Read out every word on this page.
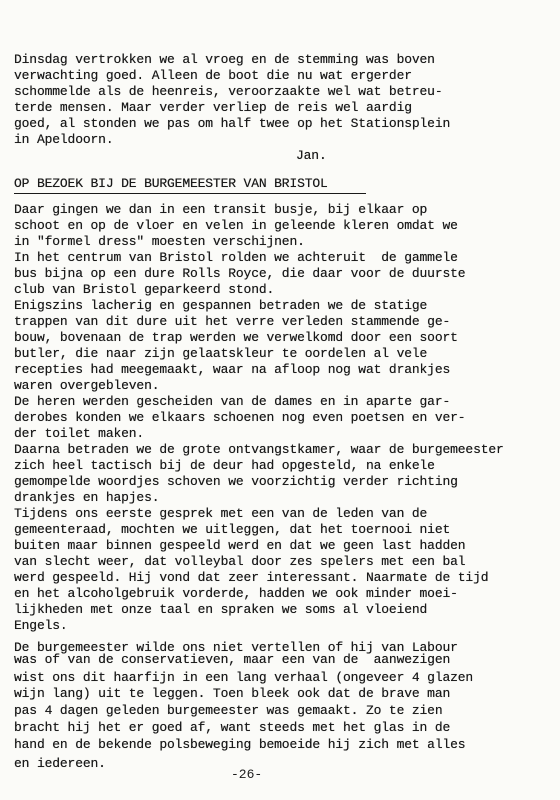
Dinsdag vertrokken we al vroeg en de stemming was boven
verwachting goed. Alleen de boot die nu wat ergerder
schommelde als de heenreis, veroorzaakte wel wat betreu-
terde mensen. Maar verder verliep de reis wel aardig
goed, al stonden we pas om half twee op het Stationsplein
in Apeldoorn.
Jan.
OP BEZOEK BIJ DE BURGEMEESTER VAN BRISTOL
Daar gingen we dan in een transit busje, bij elkaar op
schoot en op de vloer en velen in geleende kleren omdat we
in "formel dress" moesten verschijnen.
In het centrum van Bristol rolden we achteruit  de gammele
bus bijna op een dure Rolls Royce, die daar voor de duurste
club van Bristol geparkeerd stond.
Enigszins lacherig en gespannen betraden we de statige
trappen van dit dure uit het verre verleden stammende ge-
bouw, bovenaan de trap werden we verwelkomd door een soort
butler, die naar zijn gelaatskleur te oordelen al vele
recepties had meegemaakt, waar na afloop nog wat drankjes
waren overgebleven.
De heren werden gescheiden van de dames en in aparte gar-
derobes konden we elkaars schoenen nog even poetsen en ver-
der toilet maken.
Daarna betraden we de grote ontvangstkamer, waar de burgemeester
zich heel tactisch bij de deur had opgesteld, na enkele
gemompelde woordjes schoven we voorzichtig verder richting
drankjes en hapjes.
Tijdens ons eerste gesprek met een van de leden van de
gemeenteraad, mochten we uitleggen, dat het toernooi niet
buiten maar binnen gespeeld werd en dat we geen last hadden
van slecht weer, dat volleybal door zes spelers met een bal
werd gespeeld. Hij vond dat zeer interessant. Naarmate de tijd
en het alcoholgebruik vorderde, hadden we ook minder moei-
lijkheden met onze taal en spraken we soms al vloeiend
Engels.
De burgemeester wilde ons niet vertellen of hij van Labour
was of van de conservatieven, maar een van de  aanwezigen
wist ons dit haarfijn in een lang verhaal (ongeveer 4 glazen
wijn lang) uit te leggen. Toen bleek ook dat de brave man
pas 4 dagen geleden burgemeester was gemaakt. Zo te zien
bracht hij het er goed af, want steeds met het glas in de
hand en de bekende polsbeweging bemoeide hij zich met alles
en iedereen.
-26-
